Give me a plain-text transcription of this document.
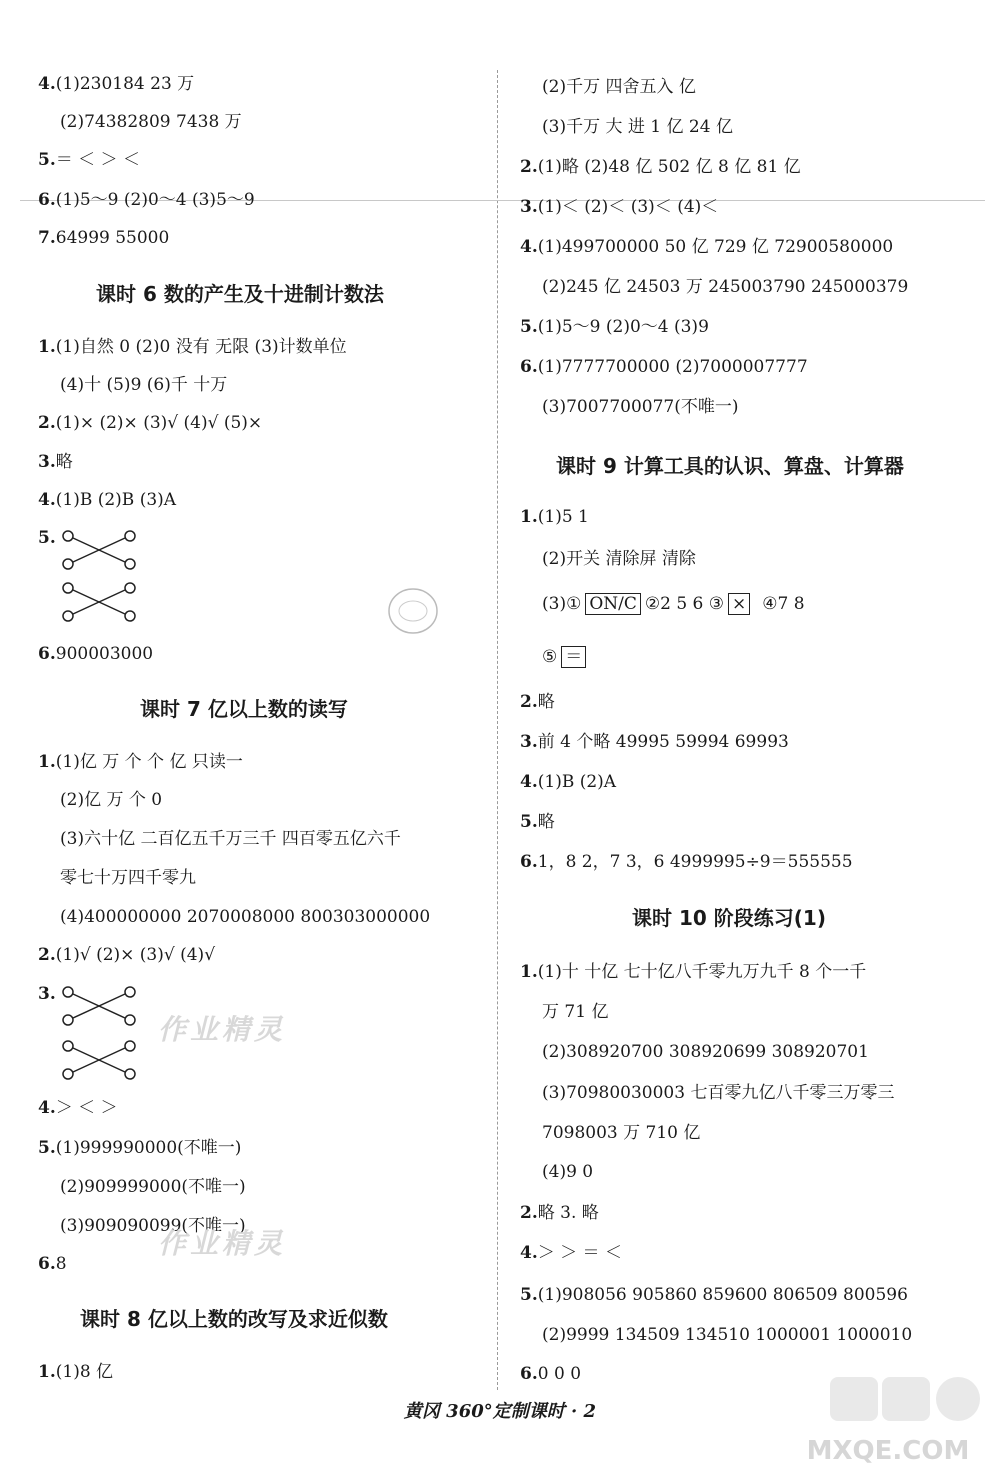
4.(1)230184 23 万
(2)74382809 7438 万
5.＝ ＜ ＞ ＜
6.(1)5～9 (2)0～4 (3)5～9
7.64999 55000
课时 6 数的产生及十进制计数法
1.(1)自然 0 (2)0 没有 无限 (3)计数单位
(4)十 (5)9 (6)千 十万
2.(1)× (2)× (3)√ (4)√ (5)×
3.略
4.(1)B (2)B (3)A
5.
6.900003000
课时 7 亿以上数的读写
1.(1)亿 万 个 个 亿 只读一
(2)亿 万 个 0
(3)六十亿 二百亿五千万三千 四百零五亿六千
零七十万四千零九
(4)400000000 2070008000 800303000000
2.(1)√ (2)× (3)√ (4)√
3.
作业精灵
4.＞ ＜ ＞
5.(1)999990000(不唯一)
(2)909999000(不唯一)
(3)909090099(不唯一)
作业精灵
6.8
课时 8 亿以上数的改写及求近似数
1.(1)8 亿
(2)千万 四舍五入 亿
(3)千万 大 进 1 亿 24 亿
2.(1)略 (2)48 亿 502 亿 8 亿 81 亿
3.(1)＜ (2)＜ (3)＜ (4)＜
4.(1)499700000 50 亿 729 亿 72900580000
(2)245 亿 24503 万 245003790 245000379
5.(1)5～9 (2)0～4 (3)9
6.(1)7777700000 (2)7000007777
(3)7007700077(不唯一)
课时 9 计算工具的认识、算盘、计算器
1.(1)5 1
(2)开关 清除屏 清除
(3)① ON/C ②2 5 6 ③ × ④7 8
⑤ ＝
2.略
3.前 4 个略 49995 59994 69993
4.(1)B (2)A
5.略
6.1，8 2，7 3，6 4999995÷9＝555555
课时 10 阶段练习(1)
1.(1)十 十亿 七十亿八千零九万九千 8 个一千
万 71 亿
(2)308920700 308920699 308920701
(3)70980030003 七百零九亿八千零三万零三
7098003 万 710 亿
(4)9 0
2.略 3. 略
4.＞ ＞ ＝ ＜
5.(1)908056 905860 859600 806509 800596
(2)9999 134509 134510 1000001 1000010
6.0 0 0
黄冈 360°定制课时 · 2
MXQE.COM
